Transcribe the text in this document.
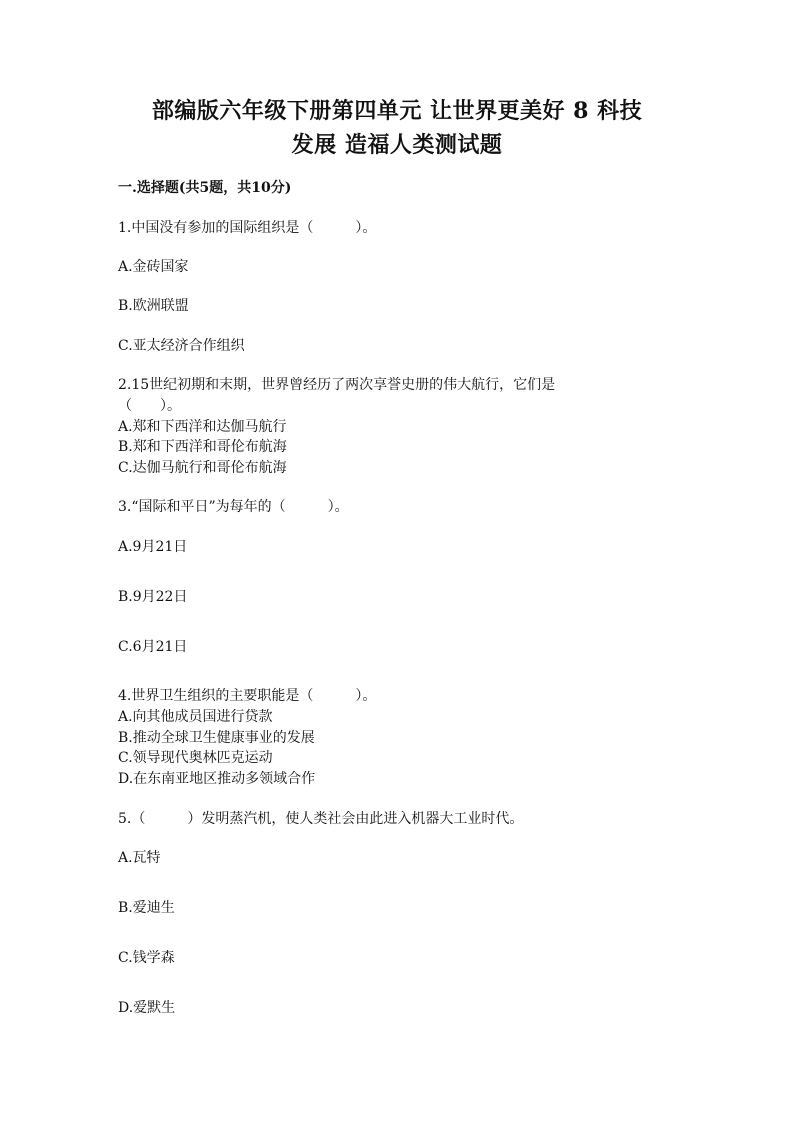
部编版六年级下册第四单元 让世界更美好 8 科技
发展 造福人类测试题
一.选择题(共5题，共10分)
1.中国没有参加的国际组织是（　　　）。
A.金砖国家
B.欧洲联盟
C.亚太经济合作组织
2.15世纪初期和末期，世界曾经历了两次享誉史册的伟大航行，它们是
（　　）。
A.郑和下西洋和达伽马航行
B.郑和下西洋和哥伦布航海
C.达伽马航行和哥伦布航海
3.“国际和平日”为每年的（　　　）。
A.9月21日
B.9月22日
C.6月21日
4.世界卫生组织的主要职能是（　　　）。
A.向其他成员国进行贷款
B.推动全球卫生健康事业的发展
C.领导现代奥林匹克运动
D.在东南亚地区推动多领域合作
5.（　　　）发明蒸汽机，使人类社会由此进入机器大工业时代。
A.瓦特
B.爱迪生
C.钱学森
D.爱默生
